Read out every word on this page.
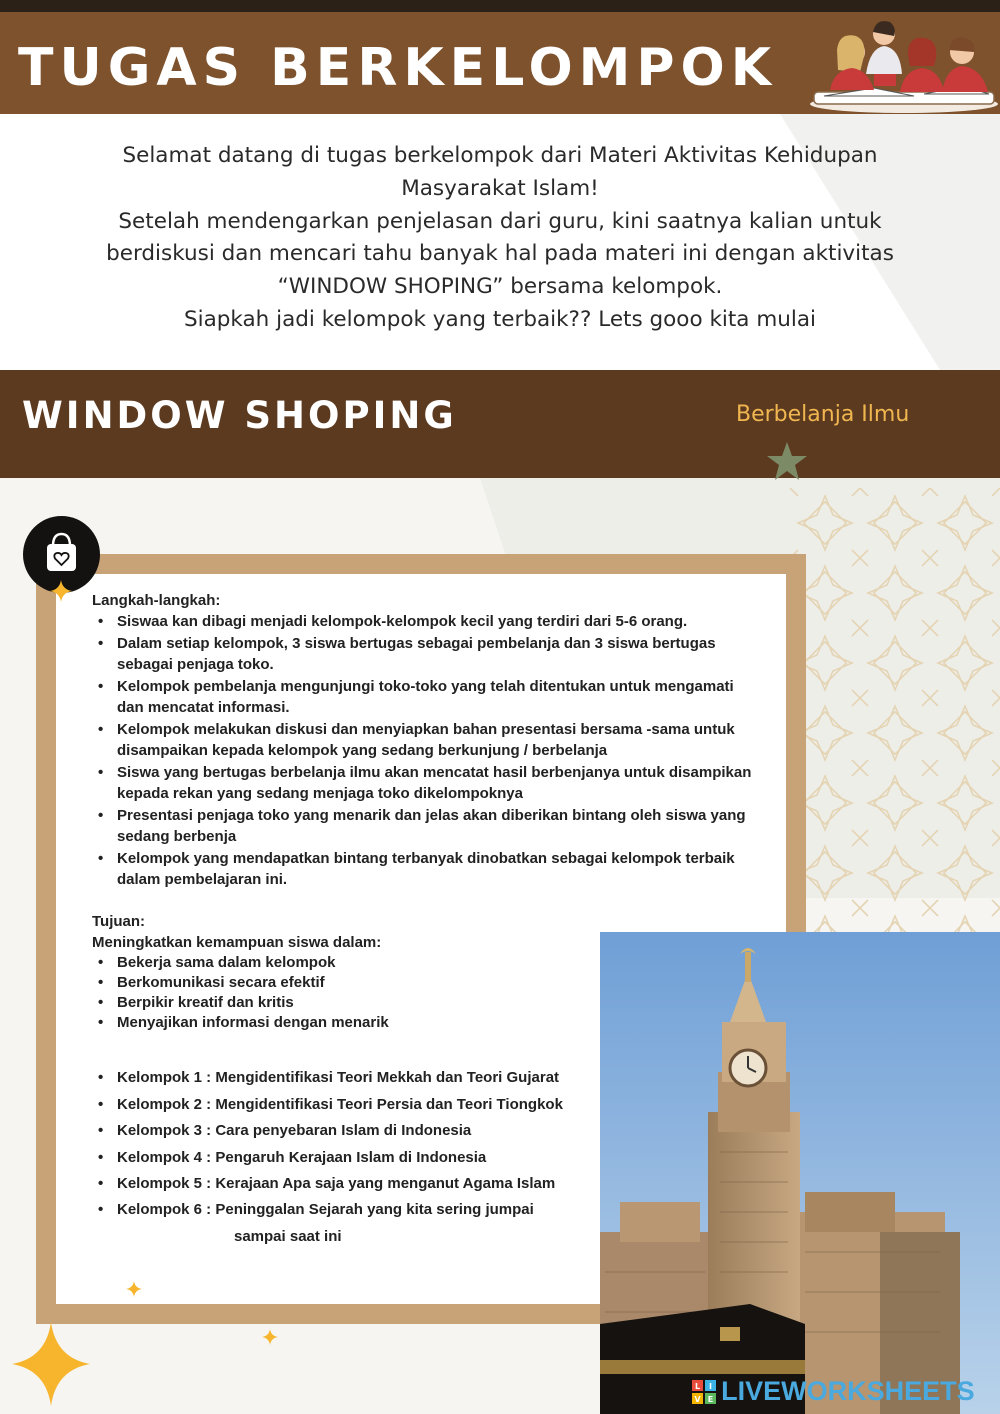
TUGAS BERKELOMPOK

Selamat datang di tugas berkelompok dari Materi Aktivitas Kehidupan
Masyarakat Islam!
Setelah mendengarkan penjelasan dari guru, kini saatnya kalian untuk
berdiskusi dan mencari tahu banyak hal pada materi ini dengan aktivitas
“WINDOW SHOPING” bersama kelompok.
Siapkah jadi kelompok yang terbaik?? Lets gooo kita mulai

WINDOW SHOPING	Berbelanja Ilmu
Langkah-langkah:
• Siswaa kan dibagi menjadi kelompok-kelompok kecil yang terdiri dari 5-6 orang.
• Dalam setiap kelompok, 3 siswa bertugas sebagai pembelanja dan 3 siswa bertugas sebagai penjaga toko.
• Kelompok pembelanja mengunjungi toko-toko yang telah ditentukan untuk mengamati dan mencatat informasi.
• Kelompok melakukan diskusi dan menyiapkan bahan presentasi bersama -sama untuk disampaikan kepada kelompok yang sedang berkunjung / berbelanja
• Siswa yang bertugas berbelanja ilmu akan mencatat hasil berbenjanya untuk disampikan kepada rekan yang sedang menjaga toko dikelompoknya
• Presentasi penjaga toko yang menarik dan jelas akan diberikan bintang oleh siswa yang sedang berbenja
• Kelompok yang mendapatkan bintang terbanyak dinobatkan sebagai kelompok terbaik dalam pembelajaran ini.
Tujuan:
Meningkatkan kemampuan siswa dalam:
• Bekerja sama dalam kelompok
• Berkomunikasi secara efektif
• Berpikir kreatif dan kritis
• Menyajikan informasi dengan menarik
• Kelompok 1 : Mengidentifikasi Teori Mekkah dan Teori Gujarat
• Kelompok 2 : Mengidentifikasi Teori Persia dan Teori Tiongkok
• Kelompok 3 : Cara penyebaran Islam di Indonesia
• Kelompok 4 : Pengaruh Kerajaan Islam di Indonesia
• Kelompok 5 : Kerajaan Apa saja yang menganut Agama Islam
• Kelompok 6 : Peninggalan Sejarah yang kita sering jumpai
sampai saat ini
L I
V E LIVEWORKSHEETS
